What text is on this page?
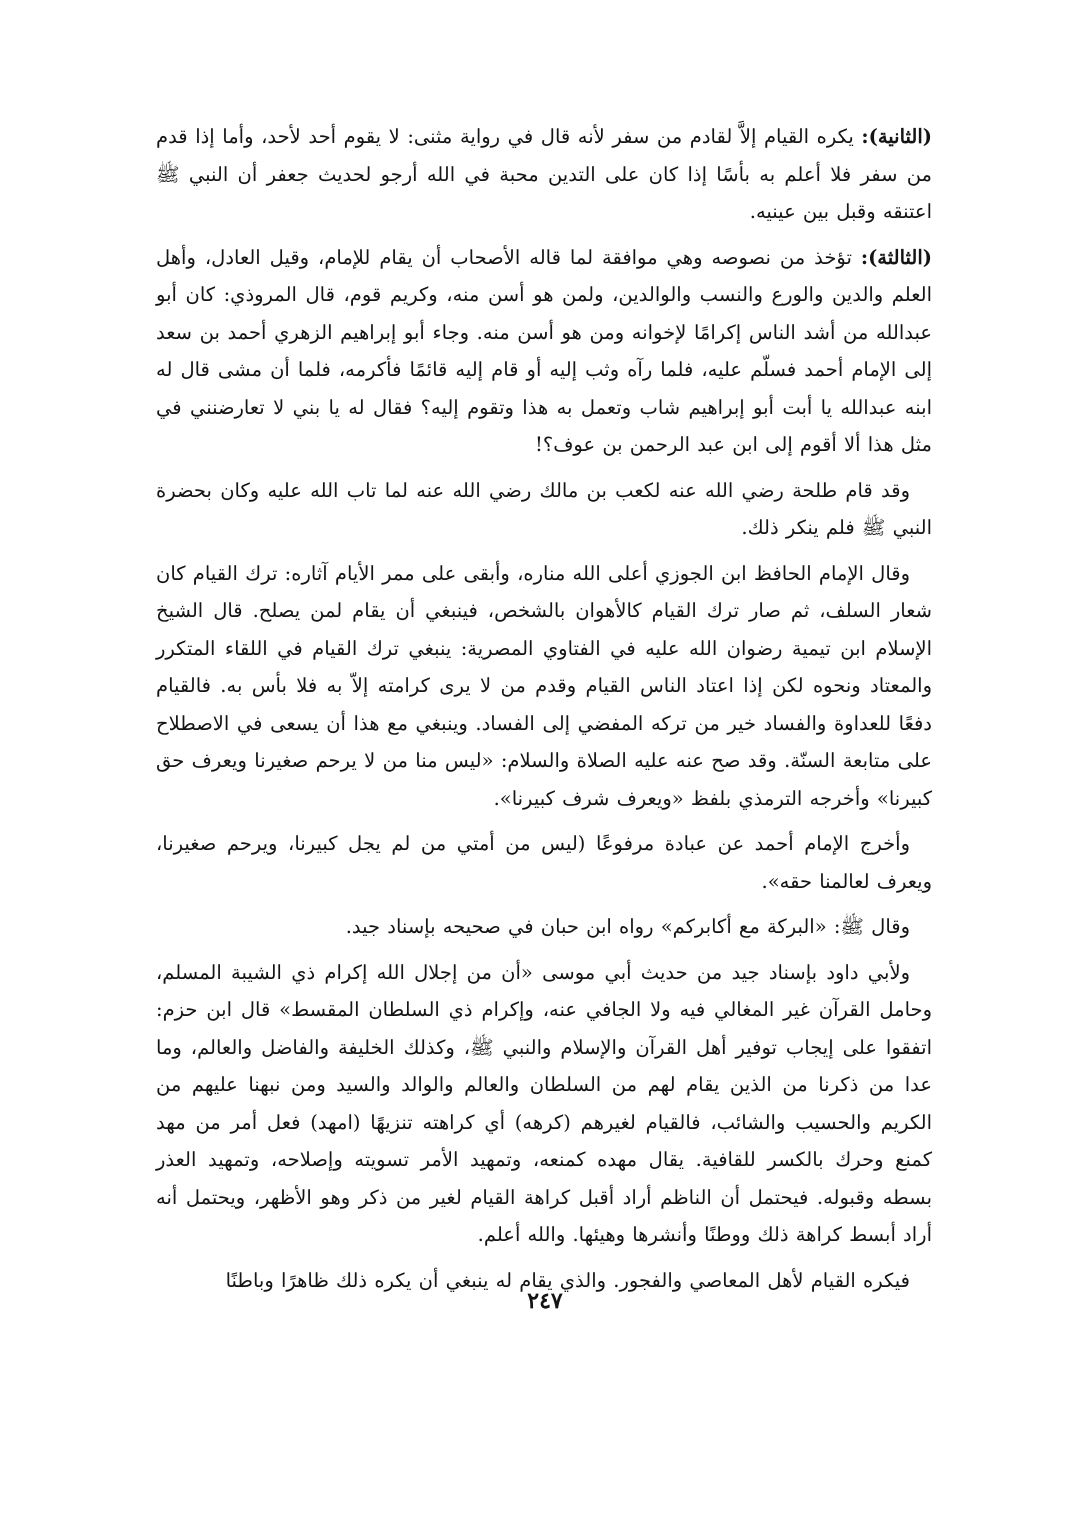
(الثانية): يكره القيام إلاَّ لقادم من سفر لأنه قال في رواية مثنى: لا يقوم أحد لأحد، وأما إذا قدم من سفر فلا أعلم به بأسًا إذا كان على التدين محبة في الله أرجو لحديث جعفر أن النبي ﷺ اعتنقه وقبل بين عينيه.

(الثالثة): تؤخذ من نصوصه وهي موافقة لما قاله الأصحاب أن يقام للإمام، وقيل العادل، وأهل العلم والدين والورع والنسب والوالدين، ولمن هو أسن منه، وكريم قوم، قال المروذي: كان أبو عبدالله من أشد الناس إكرامًا لإخوانه ومن هو أسن منه. وجاء أبو إبراهيم الزهري أحمد بن سعد إلى الإمام أحمد فسلّم عليه، فلما رآه وثب إليه أو قام إليه قائمًا فأكرمه، فلما أن مشى قال له ابنه عبدالله يا أبت أبو إبراهيم شاب وتعمل به هذا وتقوم إليه؟ فقال له يا بني لا تعارضنني في مثل هذا ألا أقوم إلى ابن عبد الرحمن بن عوف؟!

وقد قام طلحة رضي الله عنه لكعب بن مالك رضي الله عنه لما تاب الله عليه وكان بحضرة النبي ﷺ فلم ينكر ذلك.

وقال الإمام الحافظ ابن الجوزي أعلى الله مناره، وأبقى على ممر الأيام آثاره: ترك القيام كان شعار السلف، ثم صار ترك القيام كالأهوان بالشخص، فينبغي أن يقام لمن يصلح. قال الشيخ الإسلام ابن تيمية رضوان الله عليه في الفتاوي المصرية: ينبغي ترك القيام في اللقاء المتكرر والمعتاد ونحوه لكن إذا اعتاد الناس القيام وقدم من لا يرى كرامته إلاّ به فلا بأس به. فالقيام دفعًا للعداوة والفساد خير من تركه المفضي إلى الفساد. وينبغي مع هذا أن يسعى في الاصطلاح على متابعة السنّة. وقد صح عنه عليه الصلاة والسلام: «ليس منا من لا يرحم صغيرنا ويعرف حق كبيرنا» وأخرجه الترمذي بلفظ «ويعرف شرف كبيرنا».

وأخرج الإمام أحمد عن عبادة مرفوعًا (ليس من أمتي من لم يجل كبيرنا، ويرحم صغيرنا، ويعرف لعالمنا حقه».

وقال ﷺ: «البركة مع أكابركم» رواه ابن حبان في صحيحه بإسناد جيد.

ولأبي داود بإسناد جيد من حديث أبي موسى «أن من إجلال الله إكرام ذي الشيبة المسلم، وحامل القرآن غير المغالي فيه ولا الجافي عنه، وإكرام ذي السلطان المقسط» قال ابن حزم: اتفقوا على إيجاب توفير أهل القرآن والإسلام والنبي ﷺ، وكذلك الخليفة والفاضل والعالم، وما عدا من ذكرنا من الذين يقام لهم من السلطان والعالم والوالد والسيد ومن نبهنا عليهم من الكريم والحسيب والشائب، فالقيام لغيرهم (كرهه) أي كراهته تنزيهًا (امهد) فعل أمر من مهد كمنع وحرك بالكسر للقافية. يقال مهده كمنعه، وتمهيد الأمر تسويته وإصلاحه، وتمهيد العذر بسطه وقبوله. فيحتمل أن الناظم أراد أقبل كراهة القيام لغير من ذكر وهو الأظهر، ويحتمل أنه أراد أبسط كراهة ذلك ووطنًا وأنشرها وهيئها. والله أعلم.

فيكره القيام لأهل المعاصي والفجور. والذي يقام له ينبغي أن يكره ذلك ظاهرًا وباطنًا

٢٤٧
